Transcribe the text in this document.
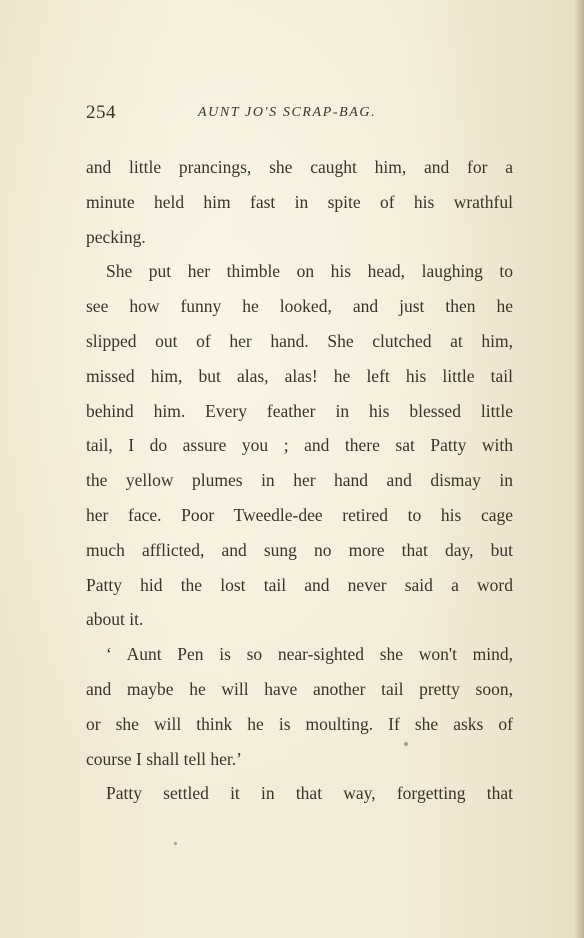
254	AUNT JO'S SCRAP-BAG.
and little prancings, she caught him, and for a
minute held him fast in spite of his wrathful
pecking.
She put her thimble on his head, laughing to
see how funny he looked, and just then he
slipped out of her hand. She clutched at him,
missed him, but alas, alas! he left his little tail
behind him. Every feather in his blessed little
tail, I do assure you ; and there sat Patty with
the yellow plumes in her hand and dismay in
her face. Poor Tweedle-dee retired to his cage
much afflicted, and sung no more that day, but
Patty hid the lost tail and never said a word
about it.
‘ Aunt Pen is so near-sighted she won't mind,
and maybe he will have another tail pretty soon,
or she will think he is moulting. If she asks of
course I shall tell her.’
Patty settled it in that way, forgetting that
